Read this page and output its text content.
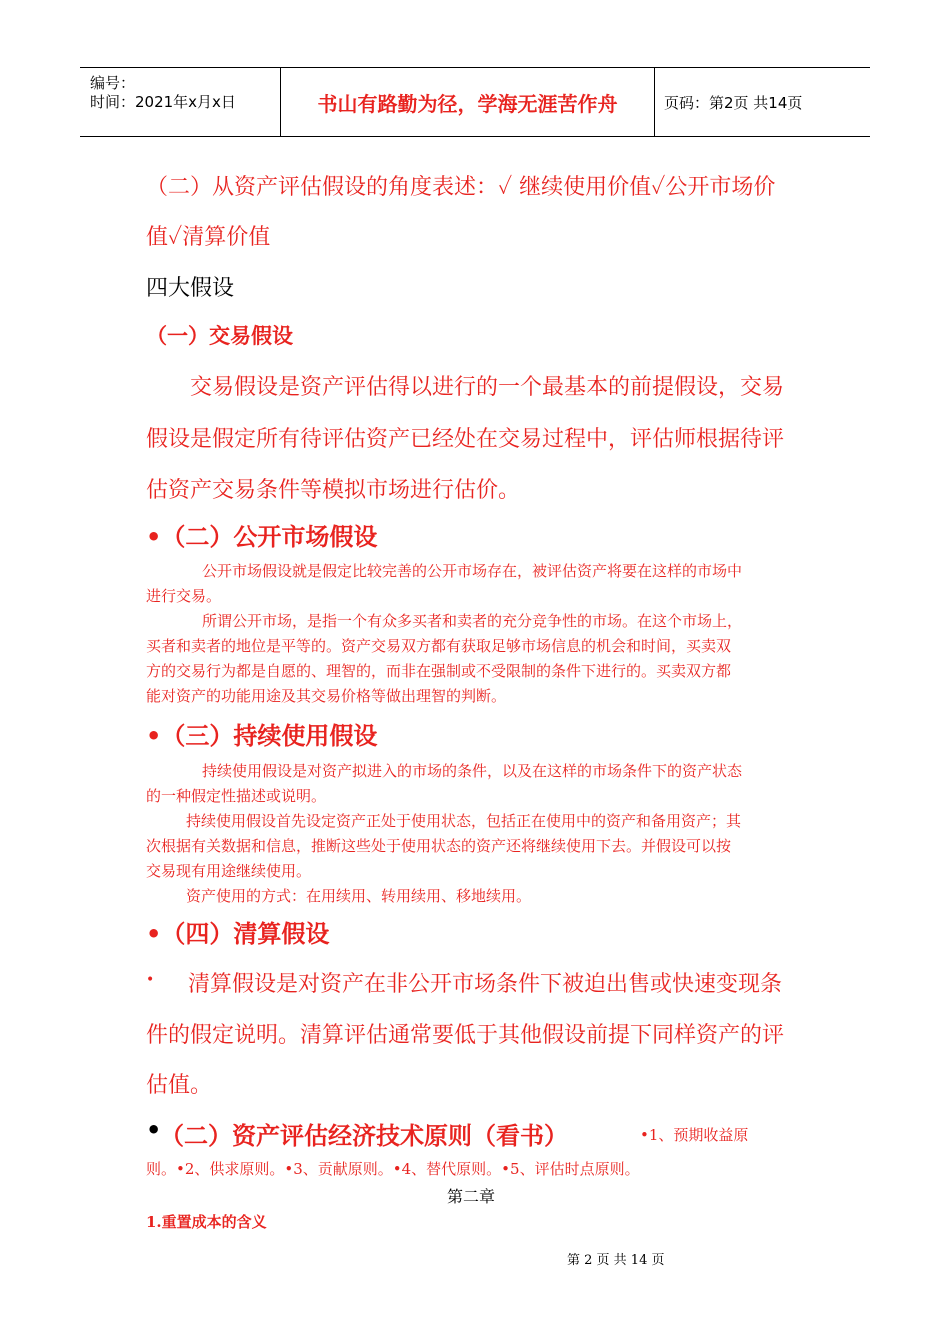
编号：
时间：2021年x月x日	书山有路勤为径，学海无涯苦作舟	页码：第2页 共14页
（二）从资产评估假设的角度表述：✓ 继续使用价值✓公开市场价
值✓清算价值
四大假设
（一）交易假设
交易假设是资产评估得以进行的一个最基本的前提假设，交易
假设是假定所有待评估资产已经处在交易过程中，评估师根据待评
估资产交易条件等模拟市场进行估价。
•（二）公开市场假设
公开市场假设就是假定比较完善的公开市场存在，被评估资产将要在这样的市场中
进行交易。
所谓公开市场，是指一个有众多买者和卖者的充分竞争性的市场。在这个市场上，
买者和卖者的地位是平等的。资产交易双方都有获取足够市场信息的机会和时间，买卖双
方的交易行为都是自愿的、理智的，而非在强制或不受限制的条件下进行的。买卖双方都
能对资产的功能用途及其交易价格等做出理智的判断。
•（三）持续使用假设
持续使用假设是对资产拟进入的市场的条件，以及在这样的市场条件下的资产状态
的一种假定性描述或说明。
持续使用假设首先设定资产正处于使用状态，包括正在使用中的资产和备用资产；其
次根据有关数据和信息，推断这些处于使用状态的资产还将继续使用下去。并假设可以按
交易现有用途继续使用。
资产使用的方式：在用续用、转用续用、移地续用。
•（四）清算假设
• 清算假设是对资产在非公开市场条件下被迫出售或快速变现条
件的假定说明。清算评估通常要低于其他假设前提下同样资产的评
估值。
•
（二）资产评估经济技术原则（看书）	•1、预期收益原
则。•2、供求原则。•3、贡献原则。•4、替代原则。•5、评估时点原则。
第二章
1.重置成本的含义
第 2 页 共 14 页
